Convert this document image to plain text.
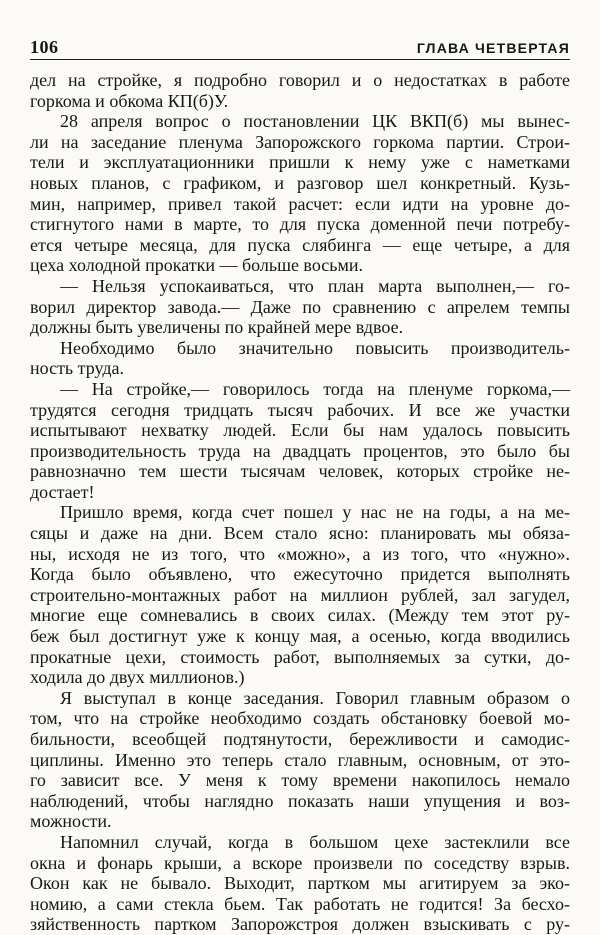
106	ГЛАВА ЧЕТВЕРТАЯ
дел на стройке, я подробно говорил и о недостатках в работе
горкома и обкома КП(б)У.
28 апреля вопрос о постановлении ЦК ВКП(б) мы вынес-
ли на заседание пленума Запорожского горкома партии. Строи-
тели и эксплуатационники пришли к нему уже с наметками
новых планов, с графиком, и разговор шел конкретный. Кузь-
мин, например, привел такой расчет: если идти на уровне до-
стигнутого нами в марте, то для пуска доменной печи потребу-
ется четыре месяца, для пуска слябинга — еще четыре, а для
цеха холодной прокатки — больше восьми.
— Нельзя успокаиваться, что план марта выполнен,— го-
ворил директор завода.— Даже по сравнению с апрелем темпы
должны быть увеличены по крайней мере вдвое.
Необходимо было значительно повысить производитель-
ность труда.
— На стройке,— говорилось тогда на пленуме горкома,—
трудятся сегодня тридцать тысяч рабочих. И все же участки
испытывают нехватку людей. Если бы нам удалось повысить
производительность труда на двадцать процентов, это было бы
равнозначно тем шести тысячам человек, которых стройке не-
достает!
Пришло время, когда счет пошел у нас не на годы, а на ме-
сяцы и даже на дни. Всем стало ясно: планировать мы обяза-
ны, исходя не из того, что «можно», а из того, что «нужно».
Когда было объявлено, что ежесуточно придется выполнять
строительно-монтажных работ на миллион рублей, зал загудел,
многие еще сомневались в своих силах. (Между тем этот ру-
беж был достигнут уже к концу мая, а осенью, когда вводились
прокатные цехи, стоимость работ, выполняемых за сутки, до-
ходила до двух миллионов.)
Я выступал в конце заседания. Говорил главным образом о
том, что на стройке необходимо создать обстановку боевой мо-
бильности, всеобщей подтянутости, бережливости и самодис-
циплины. Именно это теперь стало главным, основным, от это-
го зависит все. У меня к тому времени накопилось немало
наблюдений, чтобы наглядно показать наши упущения и воз-
можности.
Напомнил случай, когда в большом цехе застеклили все
окна и фонарь крыши, а вскоре произвели по соседству взрыв.
Окон как не бывало. Выходит, партком мы агитируем за эко-
номию, а сами стекла бьем. Так работать не годится! За бесхо-
зяйственность партком Запорожстроя должен взыскивать с ру-
